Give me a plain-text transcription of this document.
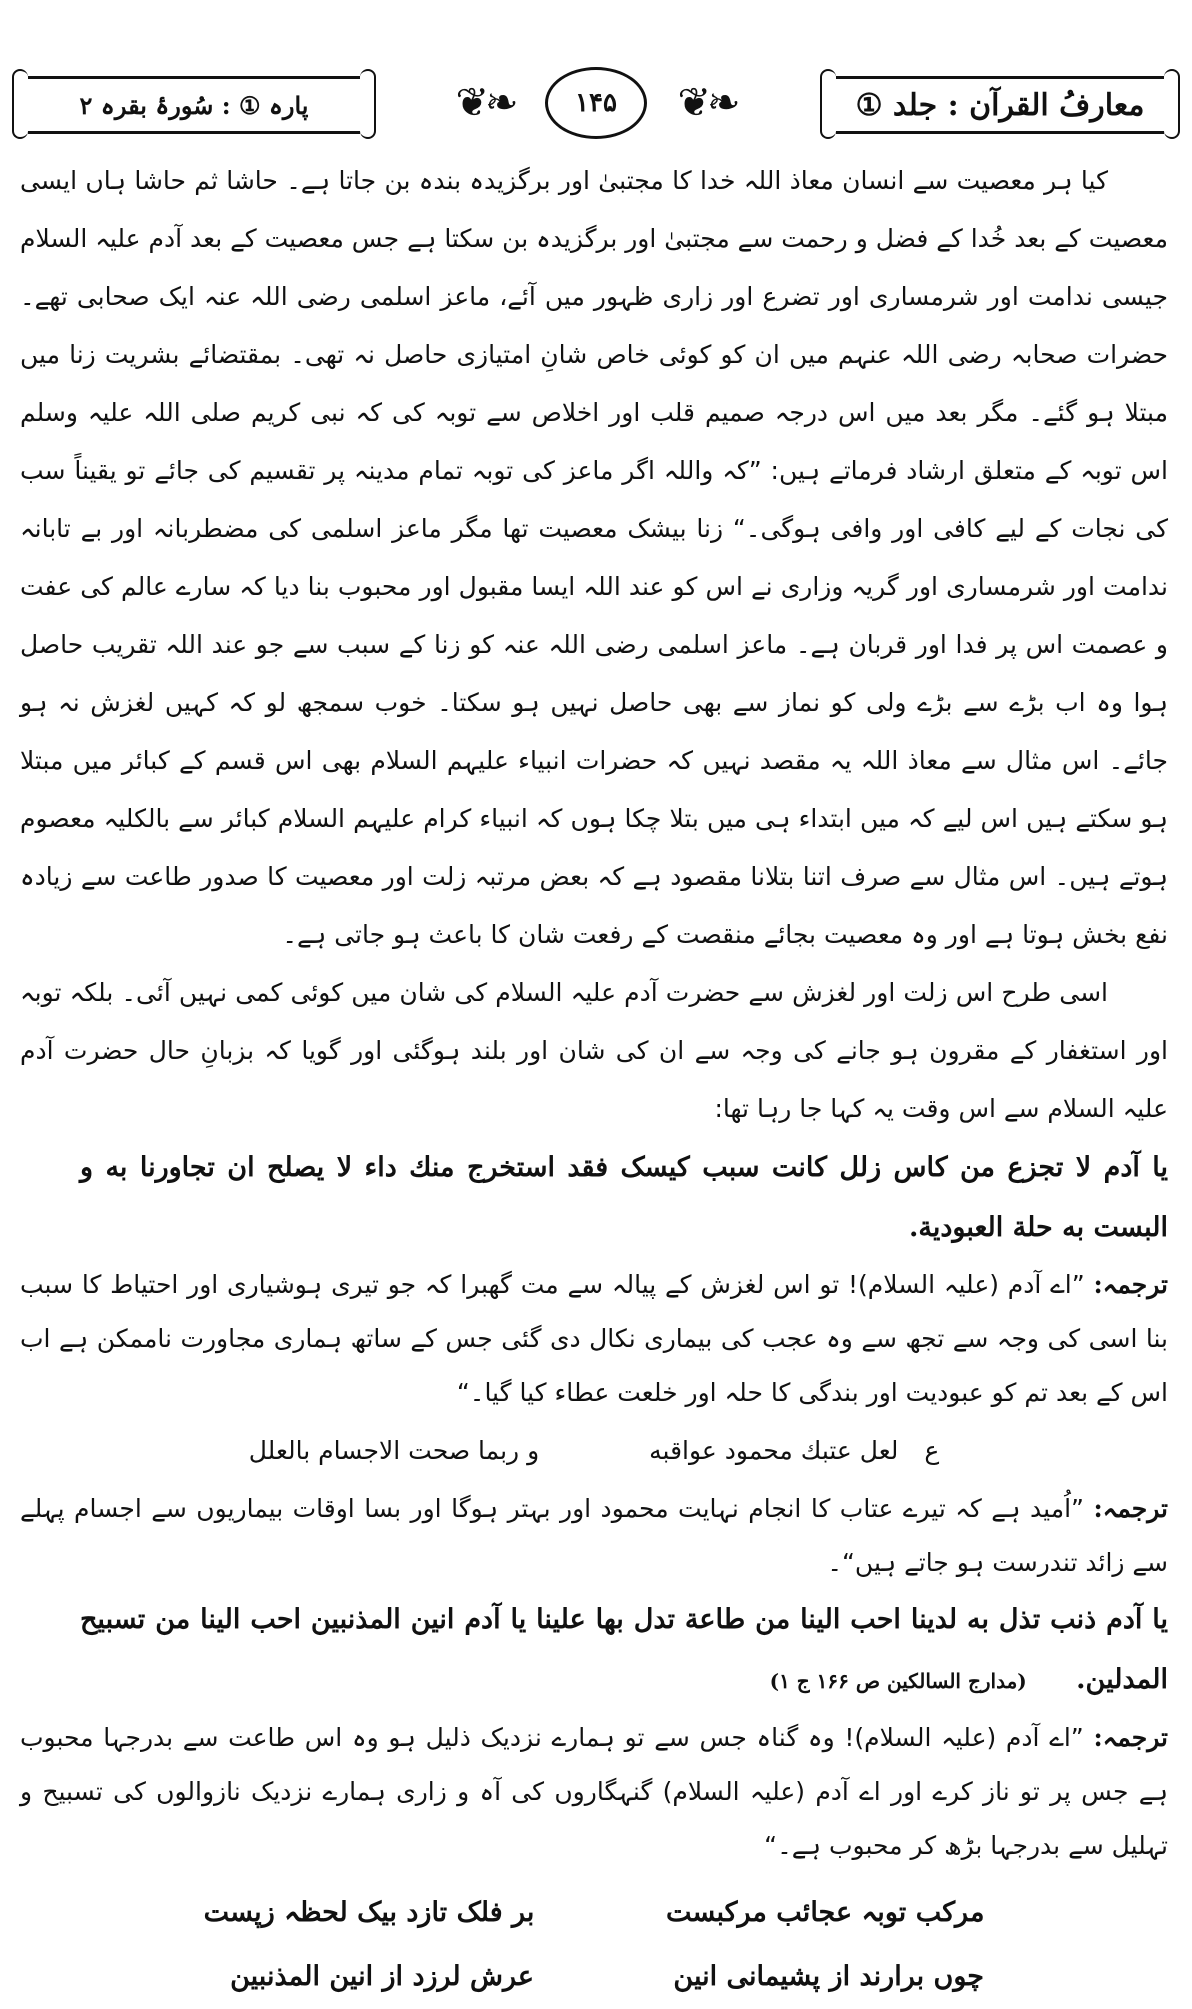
معارفُ القرآن : جلد ①
❦❧	۱۴۵	❦❧
پارہ ① : سُورۂ بقرہ ۲

کیا ہر معصیت سے انسان معاذ اللہ خدا کا مجتبیٰ اور برگزیدہ بندہ بن جاتا ہے۔ حاشا ثم حاشا ہاں ایسی معصیت کے بعد خُدا کے فضل و رحمت سے مجتبیٰ اور برگزیدہ بن سکتا ہے جس معصیت کے بعد آدم علیہ السلام جیسی ندامت اور شرمساری اور تضرع اور زاری ظہور میں آئے، ماعز اسلمی رضی اللہ عنہ ایک صحابی تھے۔ حضرات صحابہ رضی اللہ عنہم میں ان کو کوئی خاص شانِ امتیازی حاصل نہ تھی۔ بمقتضائے بشریت زنا میں مبتلا ہو گئے۔ مگر بعد میں اس درجہ صمیم قلب اور اخلاص سے توبہ کی کہ نبی کریم صلی اللہ علیہ وسلم اس توبہ کے متعلق ارشاد فرماتے ہیں: ”کہ واللہ اگر ماعز کی توبہ تمام مدینہ پر تقسیم کی جائے تو یقیناً سب کی نجات کے لیے کافی اور وافی ہوگی۔“ زنا بیشک معصیت تھا مگر ماعز اسلمی کی مضطربانہ اور بے تابانہ ندامت اور شرمساری اور گریہ وزاری نے اس کو عند اللہ ایسا مقبول اور محبوب بنا دیا کہ سارے عالم کی عفت و عصمت اس پر فدا اور قربان ہے۔ ماعز اسلمی رضی اللہ عنہ کو زنا کے سبب سے جو عند اللہ تقریب حاصل ہوا وہ اب بڑے سے بڑے ولی کو نماز سے بھی حاصل نہیں ہو سکتا۔ خوب سمجھ لو کہ کہیں لغزش نہ ہو جائے۔ اس مثال سے معاذ اللہ یہ مقصد نہیں کہ حضرات انبیاء علیہم السلام بھی اس قسم کے کبائر میں مبتلا ہو سکتے ہیں اس لیے کہ میں ابتداء ہی میں بتلا چکا ہوں کہ انبیاء کرام علیہم السلام کبائر سے بالکلیہ معصوم ہوتے ہیں۔ اس مثال سے صرف اتنا بتلانا مقصود ہے کہ بعض مرتبہ زلت اور معصیت کا صدور طاعت سے زیادہ نفع بخش ہوتا ہے اور وہ معصیت بجائے منقصت کے رفعت شان کا باعث ہو جاتی ہے۔

اسی طرح اس زلت اور لغزش سے حضرت آدم علیہ السلام کی شان میں کوئی کمی نہیں آئی۔ بلکہ توبہ اور استغفار کے مقرون ہو جانے کی وجہ سے ان کی شان اور بلند ہوگئی اور گویا کہ بزبانِ حال حضرت آدم علیہ السلام سے اس وقت یہ کہا جا رہا تھا:

یا آدم لا تجزع من کاس زلل کانت سبب کیسک فقد استخرج منك داء لا یصلح ان تجاورنا به و البست به حلة العبودیة.

ترجمہ: ”اے آدم (علیہ السلام)! تو اس لغزش کے پیالہ سے مت گھبرا کہ جو تیری ہوشیاری اور احتیاط کا سبب بنا اسی کی وجہ سے تجھ سے وہ عجب کی بیماری نکال دی گئی جس کے ساتھ ہماری مجاورت ناممکن ہے اب اس کے بعد تم کو عبودیت اور بندگی کا حلہ اور خلعت عطاء کیا گیا۔“

ع لعل عتبك محمود عواقبه
و ربما صحت الاجسام بالعلل

ترجمہ: ”اُمید ہے کہ تیرے عتاب کا انجام نہایت محمود اور بہتر ہوگا اور بسا اوقات بیماریوں سے اجسام پہلے سے زائد تندرست ہو جاتے ہیں“۔

یا آدم ذنب تذل به لدینا احب الینا من طاعة تدل بها علینا یا آدم انین المذنبین احب الینا من تسبیح المدلین. (مدارج السالکین ص ۱۶۶ ج ۱)

ترجمہ: ”اے آدم (علیہ السلام)! وہ گناہ جس سے تو ہمارے نزدیک ذلیل ہو وہ اس طاعت سے بدرجہا محبوب ہے جس پر تو ناز کرے اور اے آدم (علیہ السلام) گنہگاروں کی آہ و زاری ہمارے نزدیک نازوالوں کی تسبیح و تہلیل سے بدرجہا بڑھ کر محبوب ہے۔“

مرکب توبہ عجائب مرکبست
بر فلک تازد بیک لحظہ زپست
چوں برارند از پشیمانی انین
عرش لرزد از انین المذنبین
